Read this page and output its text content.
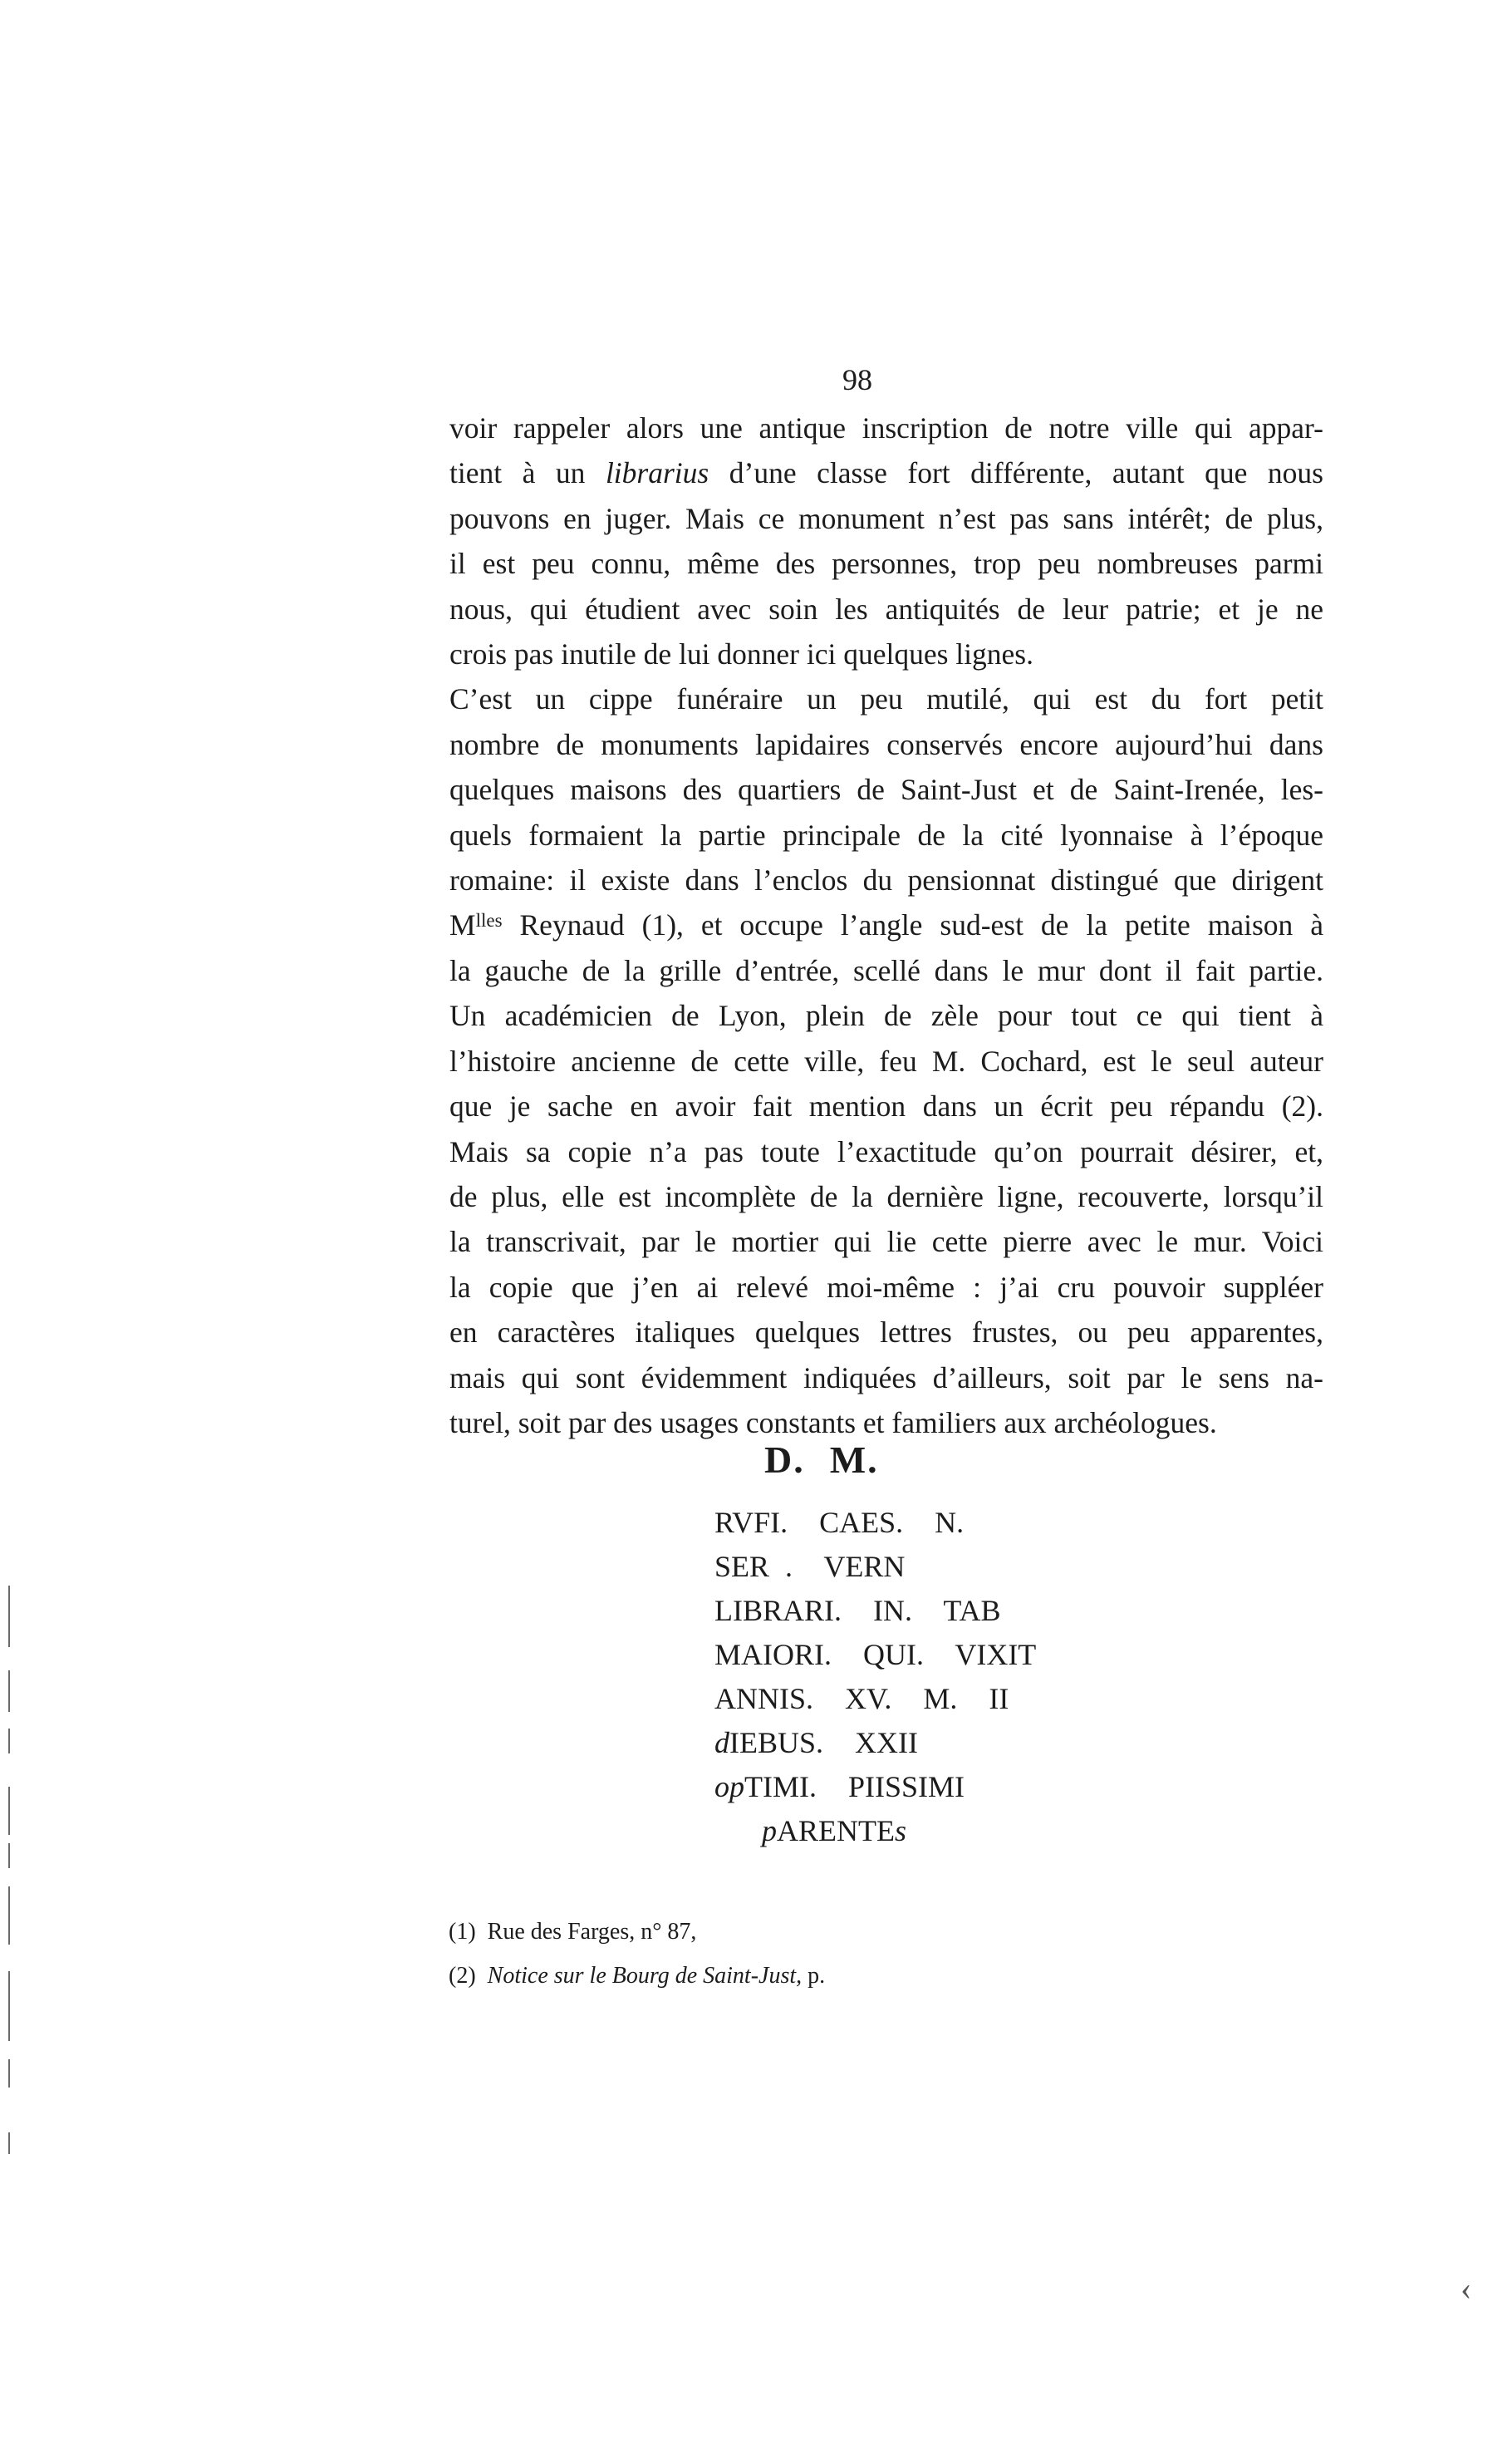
98

voir rappeler alors une antique inscription de notre ville qui appar-
tient à un librarius d’une classe fort différente, autant que nous
pouvons en juger. Mais ce monument n’est pas sans intérêt; de plus,
il est peu connu, même des personnes, trop peu nombreuses parmi
nous, qui étudient avec soin les antiquités de leur patrie; et je ne
crois pas inutile de lui donner ici quelques lignes.

C’est un cippe funéraire un peu mutilé, qui est du fort petit
nombre de monuments lapidaires conservés encore aujourd’hui dans
quelques maisons des quartiers de Saint-Just et de Saint-Irenée, les-
quels formaient la partie principale de la cité lyonnaise à l’époque
romaine: il existe dans l’enclos du pensionnat distingué que dirigent
$M^{lles}$ Reynaud (1), et occupe l’angle sud-est de la petite maison à
la gauche de la grille d’entrée, scellé dans le mur dont il fait partie.
Un académicien de Lyon, plein de zèle pour tout ce qui tient à
l’histoire ancienne de cette ville, feu M. Cochard, est le seul auteur
que je sache en avoir fait mention dans un écrit peu répandu (2).
Mais sa copie n’a pas toute l’exactitude qu’on pourrait désirer, et,
de plus, elle est incomplète de la dernière ligne, recouverte, lorsqu’il
la transcrivait, par le mortier qui lie cette pierre avec le mur. Voici
la copie que j’en ai relevé moi-même : j’ai cru pouvoir suppléer
en caractères italiques quelques lettres frustes, ou peu apparentes,
mais qui sont évidemment indiquées d’ailleurs, soit par le sens na-
turel, soit par des usages constants et familiers aux archéologues.

D. M.
RVFI.  CAES.  N.
SER .  VERN
LIBRARI.  IN.  TAB
MAIORI.  QUI.  VIXIT
ANNIS.  XV.  M.  II
dIEBUS.  XXII
opTIMI.  PIISSIMI
pARENTEs
(1)  Rue des Farges, n° 87,
(2)  Notice sur le Bourg de Saint-Just, p.
‹
